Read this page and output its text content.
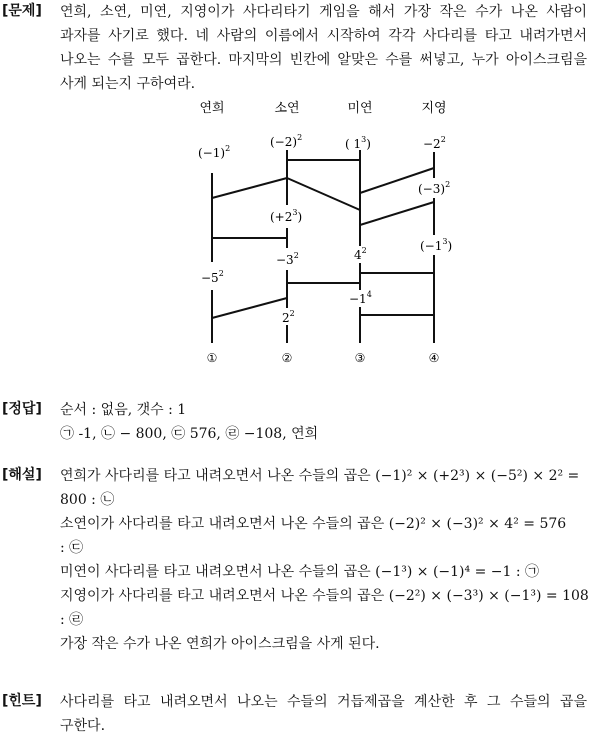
[문제] 연희, 소연, 미연, 지영이가 사다리타기 게임을 해서 가장 작은 수가 나온 사람이
과자를 사기로 했다. 네 사람의 이름에서 시작하여 각각 사다리를 타고 내려가면서
나오는 수를 모두 곱한다. 마지막의 빈칸에 알맞은 수를 써넣고, 누가 아이스크림을
사게 되는지 구하여라.
연희	소연	미연	지영
$(-1)^2$	$(-2)^2$	( $1^3$)	$-2^2$
$(-3)^2$
$(+2^3)$
$(-1^3)$
$-3^2$	$4^2$
$-5^2$
$-1^4$
$2^2$
①	②	③	④
[정답] 순서 : 없음, 갯수 : 1
㉠ -1, ㉡ − 800, ㉢ 576, ㉣ −108, 연희
[해설] 연희가 사다리를 타고 내려오면서 나온 수들의 곱은 (−1)² × (+2³) × (−5²) × 2² =
800 : ㉡
소연이가 사다리를 타고 내려오면서 나온 수들의 곱은 (−2)² × (−3)² × 4² = 576
: ㉢
미연이 사다리를 타고 내려오면서 나온 수들의 곱은 (−1³) × (−1)⁴ = −1 : ㉠
지영이가 사다리를 타고 내려오면서 나온 수들의 곱은 (−2²) × (−3³) × (−1³) = 108
: ㉣
가장 작은 수가 나온 연희가 아이스크림을 사게 된다.
[힌트] 사다리를 타고 내려오면서 나오는 수들의 거듭제곱을 계산한 후 그 수들의 곱을
구한다.
